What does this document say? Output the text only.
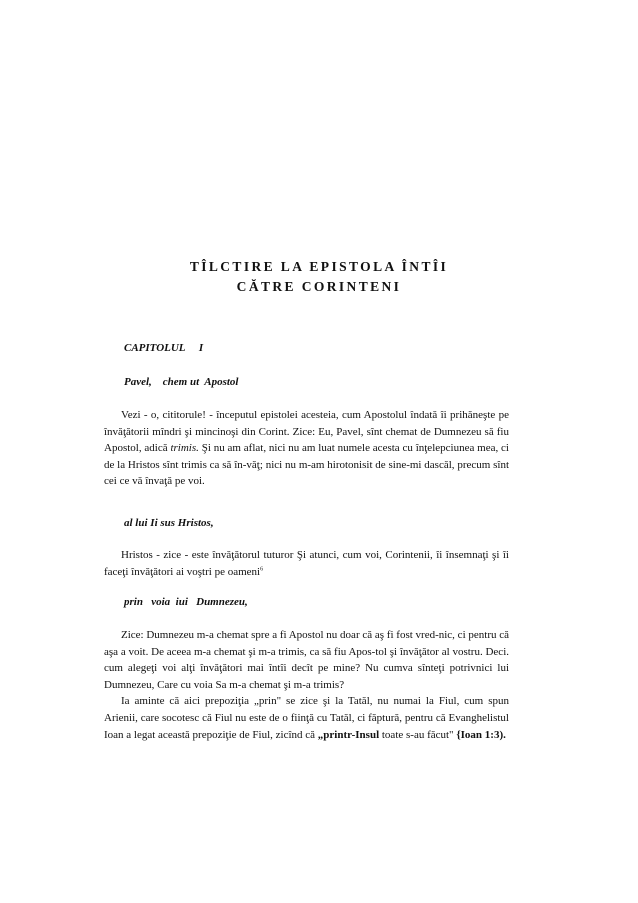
TÎLCTIRE LA EPISTOLA ÎNTÎI
CĂTRE CORINTENI
CAPITOLUL I
Pavel,    chem ut  Apostol

Vezi - o, cititorule! - începutul epistolei acesteia, cum Apostolul îndată îi prihăneşte pe învăţătorii mîndri şi mincinoşi din Corint. Zice: Eu, Pavel, sînt chemat de Dumnezeu să fiu Apostol, adică trimis. Şi nu am aflat, nici nu am luat numele acesta cu înţelepciunea mea, ci de la Hristos sînt trimis ca să în-văţ; nici nu m-am hirotonisit de sine-mi dascăl, precum sînt cei ce vă învaţă pe voi.

al lui Ii sus Hristos,

Hristos - zice - este învăţătorul tuturor Şi atunci, cum voi, Corintenii, îi însemnaţi şi îi faceţi învăţători ai voştri pe oameni$^6$

prin   voia  iui   Dumnezeu,

Zice: Dumnezeu m-a chemat spre a fi Apostol nu doar că aş fi fost vred-nic, ci pentru că aşa a voit. De aceea m-a chemat şi m-a trimis, ca să fiu Apos-tol şi învăţător al vostru. Deci. cum alegeţi voi alţi învăţători mai întîi decît pe mine? Nu cumva sînteţi potrivnici lui Dumnezeu, Care cu voia Sa m-a chemat şi m-a trimis?

Ia aminte că aici prepoziţia „prin" se zice şi la Tatăl, nu numai la Fiul, cum spun Arienii, care socotesc că Fiul nu este de o fiinţă cu Tatăl, ci făptură, pentru că Evanghelistul Ioan a legat această prepoziţie de Fiul, zicînd că „printr-Insul toate s-au făcut" {Ioan 1:3).
